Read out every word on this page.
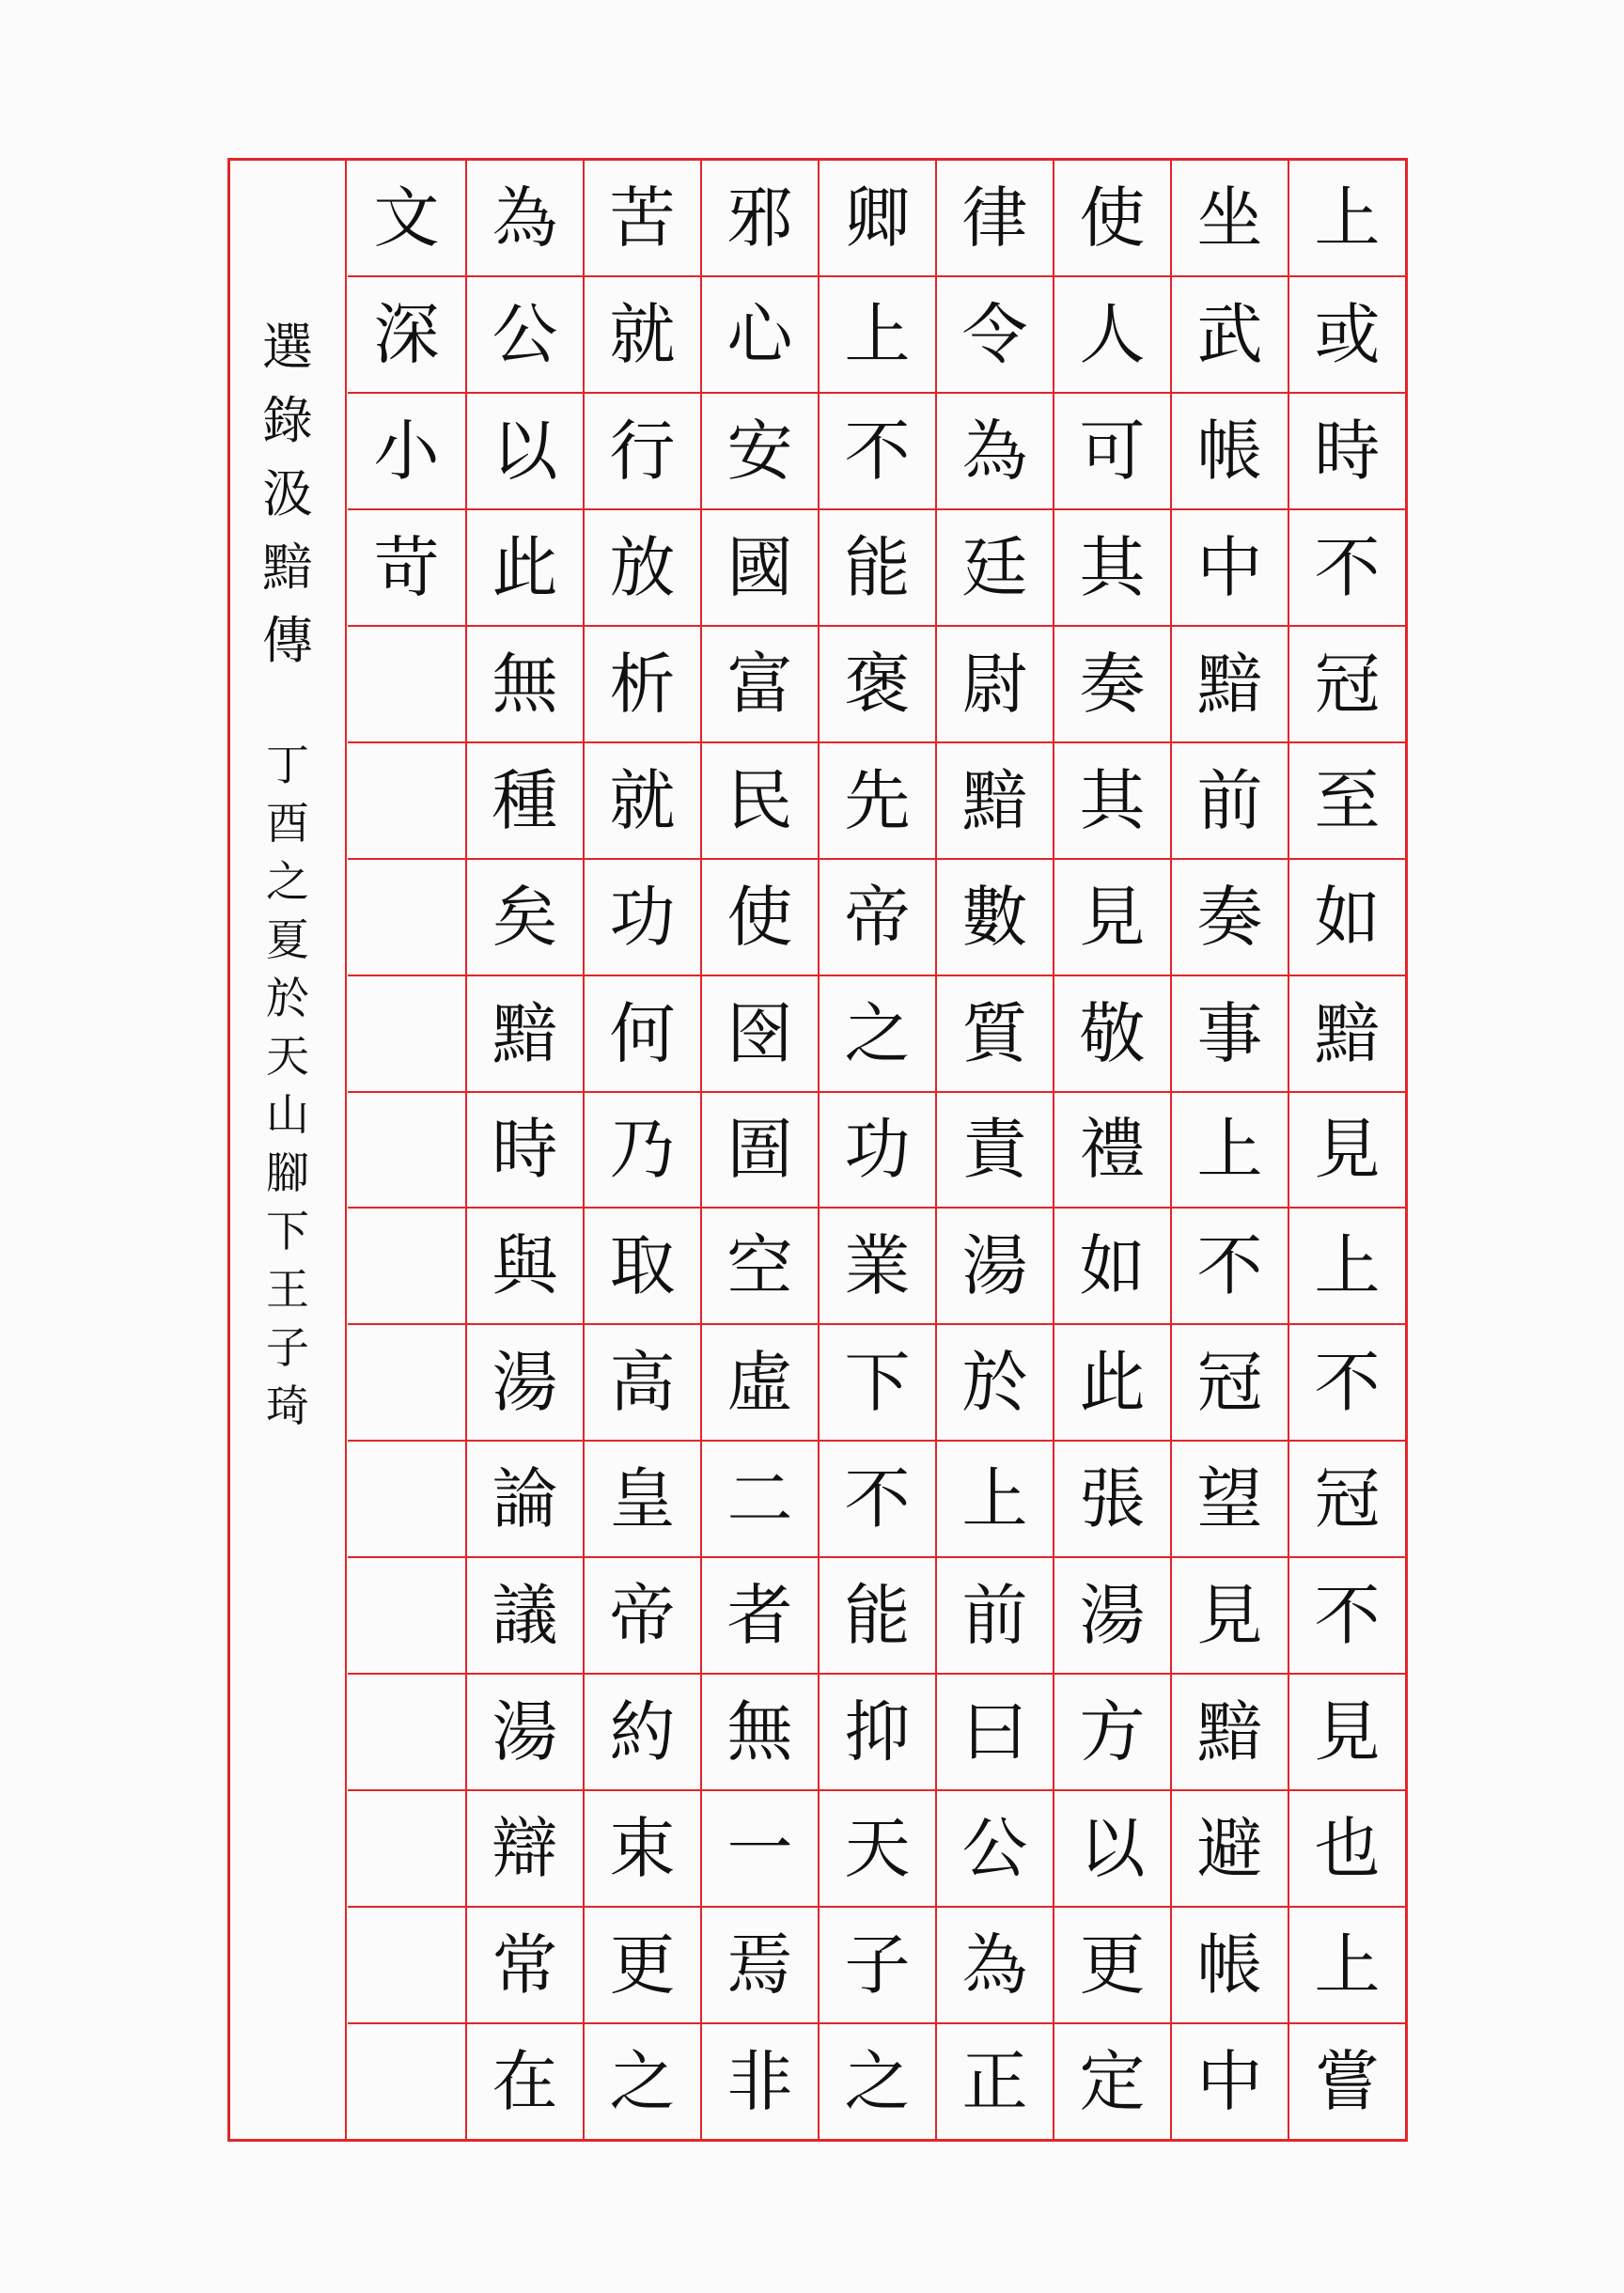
選
錄
汲
黯
傳
丁
酉
之
夏
於
天
山
腳
下
王
子
琦
上
或
時
不
冠
至
如
黯
見
上
不
冠
不
見
也
上
嘗
坐
武
帳
中
黯
前
奏
事
上
不
冠
望
見
黯
避
帳
中
使
人
可
其
奏
其
見
敬
禮
如
此
張
湯
方
以
更
定
律
令
為
廷
尉
黯
數
質
責
湯
於
上
前
曰
公
為
正
卿
上
不
能
褒
先
帝
之
功
業
下
不
能
抑
天
子
之
邪
心
安
國
富
民
使
囹
圄
空
虛
二
者
無
一
焉
非
苦
就
行
放
析
就
功
何
乃
取
高
皇
帝
約
束
更
之
為
公
以
此
無
種
矣
黯
時
與
湯
論
議
湯
辯
常
在
文
深
小
苛
